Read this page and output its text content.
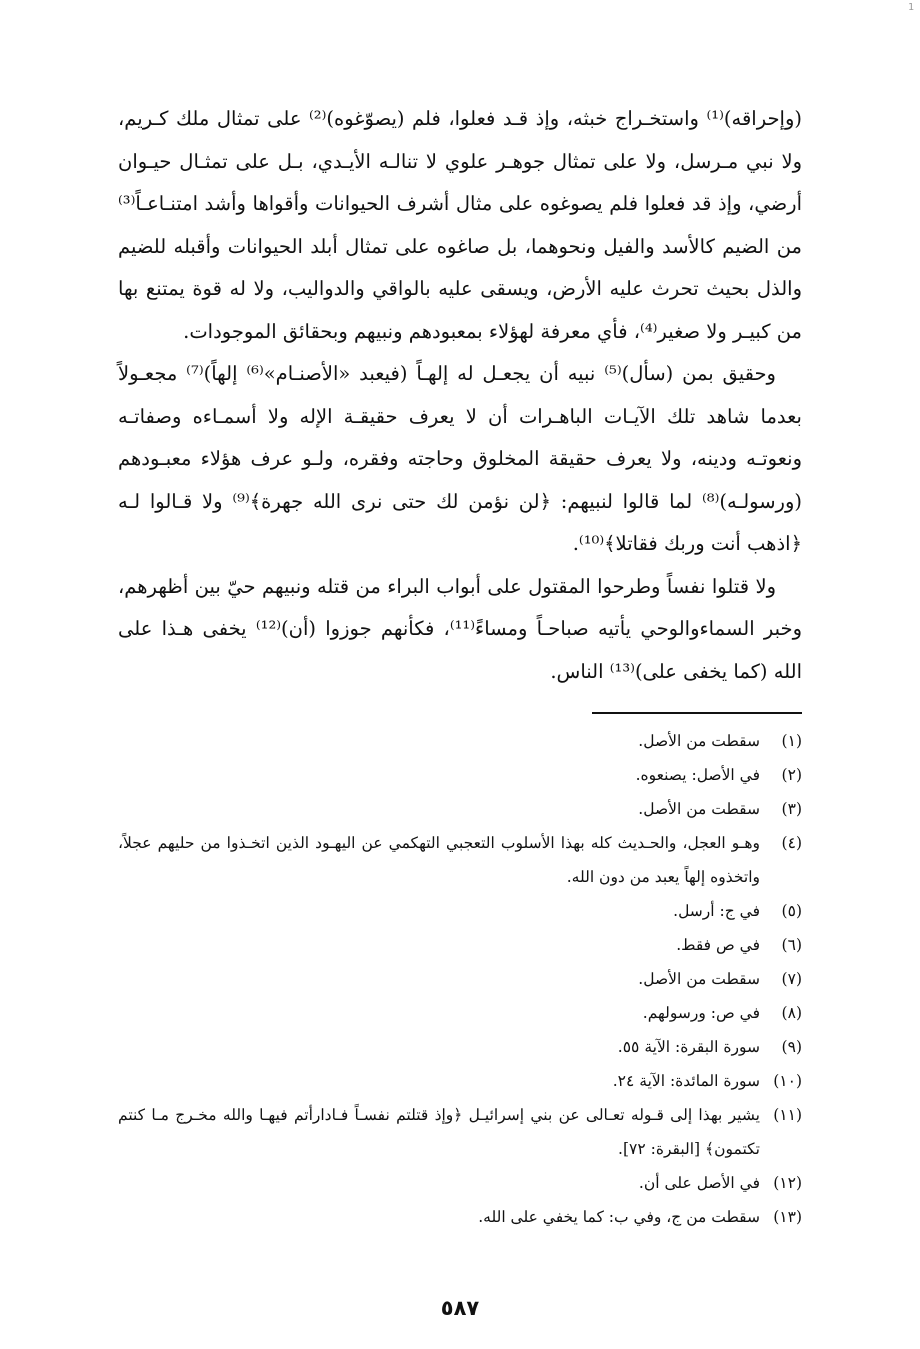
1

(وإحراقه)⁽¹⁾ واستخـراج خبثه، وإذ قـد فعلوا، فلم (يصوّغوه)⁽²⁾ على تمثال ملك كـريم، ولا نبي مـرسل، ولا على تمثال جوهـر علوي لا تنالـه الأيـدي، بـل على تمثـال حيـوان أرضي، وإذ قد فعلوا فلم يصوغوه على مثال أشرف الحيوانات وأقواها وأشد امتنـاعـاً⁽³⁾ من الضيم كالأسد والفيل ونحوهما، بل صاغوه على تمثال أبلد الحيوانات وأقبله للضيم والذل بحيث تحرث عليه الأرض، ويسقى عليه بالواقي والدواليب، ولا له قوة يمتنع بها من كبيـر ولا صغير⁽⁴⁾، فأي معرفة لهؤلاء بمعبودهم ونبيهم وبحقائق الموجودات.

وحقيق بمن (سأل)⁽⁵⁾ نبيه أن يجعـل له إلهـاً (فيعبد «الأصنـام»⁽⁶⁾ إلهاً)⁽⁷⁾ مجعـولاً بعدما شاهد تلك الآيـات الباهـرات أن لا يعرف حقيقـة الإله ولا أسمـاءه وصفاتـه ونعوتـه ودينه، ولا يعرف حقيقة المخلوق وحاجته وفقره، ولـو عرف هؤلاء معبـودهم (ورسولـه)⁽⁸⁾ لما قالوا لنبيهم: ﴿لن نؤمن لك حتى نرى الله جهرة﴾⁽⁹⁾ ولا قـالوا لـه ﴿اذهب أنت وربك فقاتلا﴾⁽¹⁰⁾.

ولا قتلوا نفساً وطرحوا المقتول على أبواب البراء من قتله ونبيهم حيّ بين أظهرهم، وخبر السماءوالوحي يأتيه صباحـاً ومساءً⁽¹¹⁾، فكأنهم جوزوا (أن)⁽¹²⁾ يخفى هـذا على الله (كما يخفى على)⁽¹³⁾ الناس.

(١)
سقطت من الأصل.
(٢)
في الأصل: يصنعوه.
(٣)
سقطت من الأصل.
(٤)
وهـو العجل، والحـديث كله بهذا الأسلوب التعجبي التهكمي عن اليهـود الذين اتخـذوا من حليهم عجلاً، واتخذوه إلهاً يعبد من دون الله.
(٥)
في ج: أرسل.
(٦)
في ص فقط.
(٧)
سقطت من الأصل.
(٨)
في ص: ورسولهم.
(٩)
سورة البقرة: الآية ٥٥.
(١٠)
سورة المائدة: الآية ٢٤.
(١١)
يشير بهذا إلى قـوله تعـالى عن بني إسرائيـل ﴿وإذ قتلتم نفسـاً فـادارأتم فيهـا والله مخـرج مـا كنتم تكتمون﴾ [البقرة: ٧٢].
(١٢)
في الأصل على أن.
(١٣)
سقطت من ج، وفي ب: كما يخفي على الله.
٥٨٧
